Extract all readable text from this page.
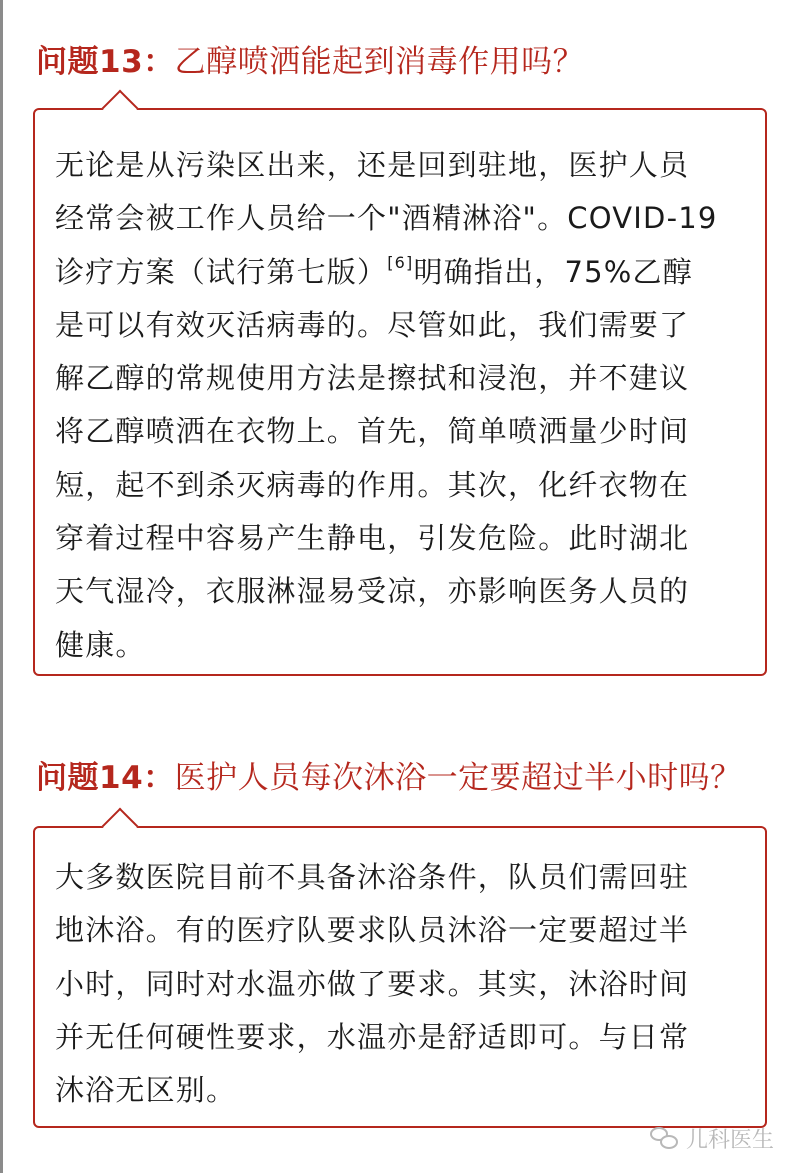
问题13：乙醇喷洒能起到消毒作用吗？
无论是从污染区出来，还是回到驻地，医护人员
经常会被工作人员给一个"酒精淋浴"。COVID-19
诊疗方案（试行第七版）[6]明确指出，75%乙醇
是可以有效灭活病毒的。尽管如此，我们需要了
解乙醇的常规使用方法是擦拭和浸泡，并不建议
将乙醇喷洒在衣物上。首先，简单喷洒量少时间
短，起不到杀灭病毒的作用。其次，化纤衣物在
穿着过程中容易产生静电，引发危险。此时湖北
天气湿冷，衣服淋湿易受凉，亦影响医务人员的
健康。
问题14：医护人员每次沐浴一定要超过半小时吗？
大多数医院目前不具备沐浴条件，队员们需回驻
地沐浴。有的医疗队要求队员沐浴一定要超过半
小时，同时对水温亦做了要求。其实，沐浴时间
并无任何硬性要求，水温亦是舒适即可。与日常
沐浴无区别。
儿科医生
